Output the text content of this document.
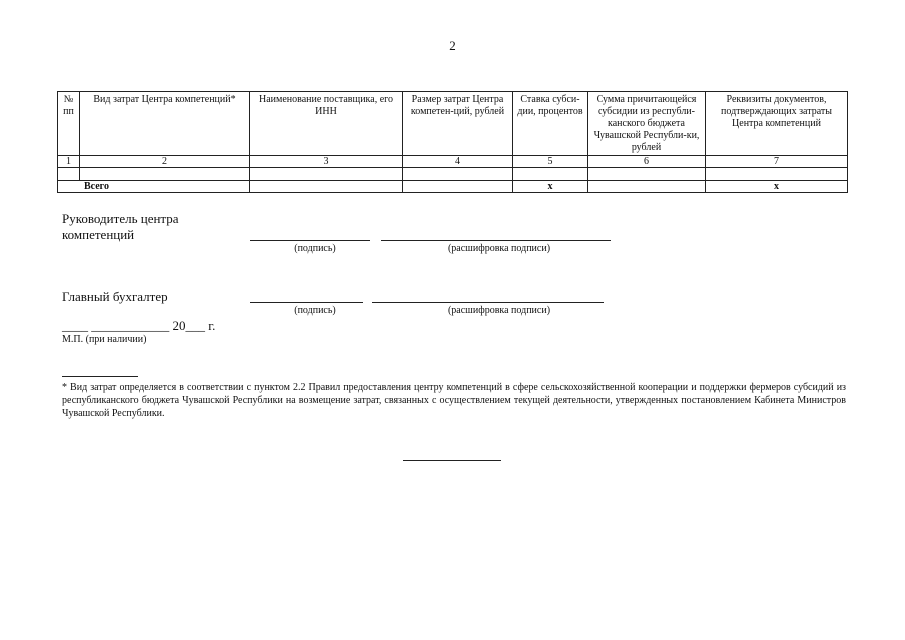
2
№ пп	Вид затрат Центра компетенций*	Наименование поставщика, его ИНН	Размер затрат Центра компетен-ций, рублей	Ставка субси-дии, процентов	Сумма причитающейся субсидии из республи-канского бюджета Чувашской Республи-ки, рублей	Реквизиты документов, подтверждающих затраты Центра компетенций
1	2	3	4	5	6	7

Всего				х		х
Руководитель центра
компетенций
(подпись)	(расшифровка подписи)
Главный бухгалтер
(подпись)	(расшифровка подписи)
____ ____________ 20___ г.
М.П. (при наличии)
* Вид затрат определяется в соответствии с пунктом 2.2 Правил предоставления центру компетенций в сфере сельскохозяйственной кооперации и поддержки фермеров субсидий из республиканского бюджета Чувашской Республики на возмещение затрат, связанных с осуществлением текущей деятельности, утвержденных постановлением Кабинета Министров Чувашской Республики.
